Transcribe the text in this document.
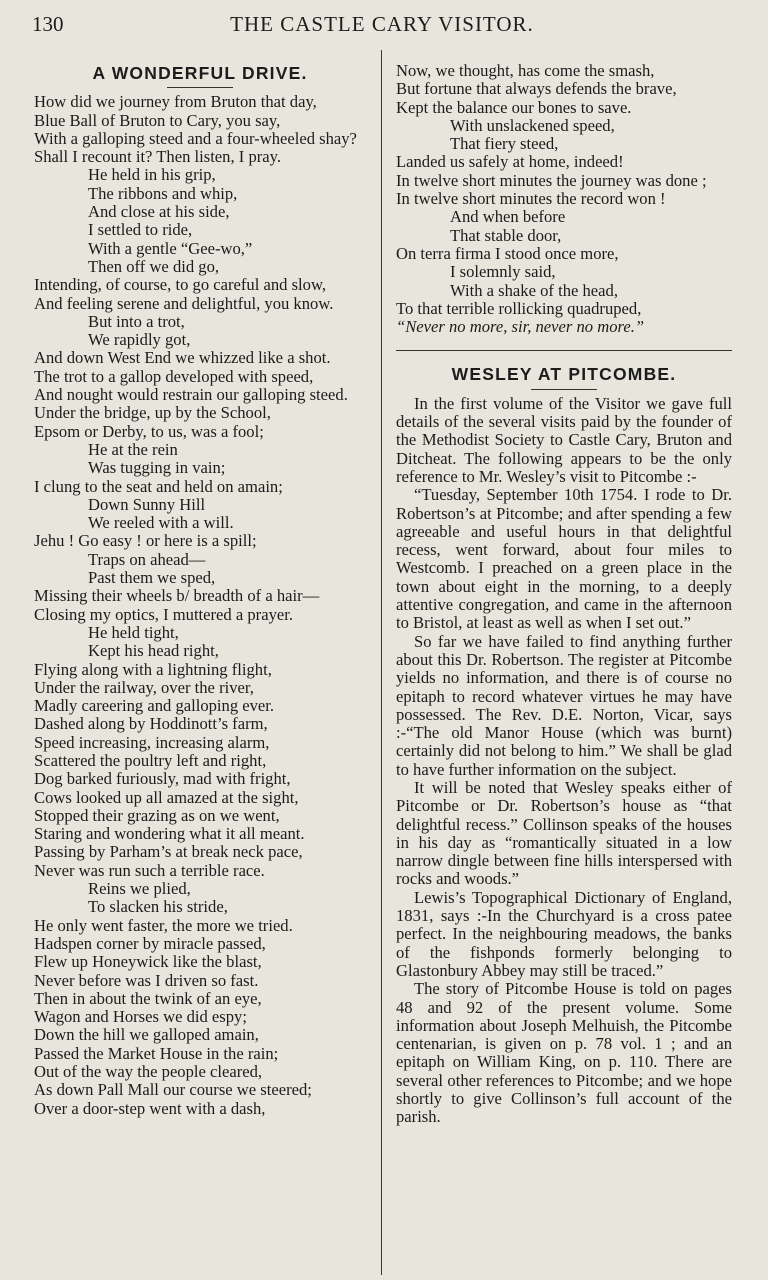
130	THE CASTLE CARY VISITOR.
A WONDERFUL DRIVE.

How did we journey from Bruton that day,

Blue Ball of Bruton to Cary, you say,

With a galloping steed and a four-wheeled shay?

Shall I recount it? Then listen, I pray.

He held in his grip,

The ribbons and whip,

And close at his side,

I settled to ride,

With a gentle “Gee-wo,”

Then off we did go,

Intending, of course, to go careful and slow,

And feeling serene and delightful, you know.

But into a trot,

We rapidly got,

And down West End we whizzed like a shot.

The trot to a gallop developed with speed,

And nought would restrain our galloping steed.

Under the bridge, up by the School,

Epsom or Derby, to us, was a fool;

He at the rein

Was tugging in vain;

I clung to the seat and held on amain;

Down Sunny Hill

We reeled with a will.

Jehu ! Go easy ! or here is a spill;

Traps on ahead—

Past them we sped,

Missing their wheels b/ breadth of a hair—

Closing my optics, I muttered a prayer.

He held tight,

Kept his head right,

Flying along with a lightning flight,

Under the railway, over the river,

Madly careering and galloping ever.

Dashed along by Hoddinott’s farm,

Speed increasing, increasing alarm,

Scattered the poultry left and right,

Dog barked furiously, mad with fright,

Cows looked up all amazed at the sight,

Stopped their grazing as on we went,

Staring and wondering what it all meant.

Passing by Parham’s at break neck pace,

Never was run such a terrible race.

Reins we plied,

To slacken his stride,

He only went faster, the more we tried.

Hadspen corner by miracle passed,

Flew up Honeywick like the blast,

Never before was I driven so fast.

Then in about the twink of an eye,

Wagon and Horses we did espy;

Down the hill we galloped amain,

Passed the Market House in the rain;

Out of the way the people cleared,

As down Pall Mall our course we steered;

Over a door-step went with a dash,

Now, we thought, has come the smash,

But fortune that always defends the brave,

Kept the balance our bones to save.

With unslackened speed,

That fiery steed,

Landed us safely at home, indeed!

In twelve short minutes the journey was done ;

In twelve short minutes the record won !

And when before

That stable door,

On terra firma I stood once more,

I solemnly said,

With a shake of the head,

To that terrible rollicking quadruped,

“Never no more, sir, never no more.”

WESLEY AT PITCOMBE.

In the first volume of the Visitor we gave full details of the several visits paid by the founder of the Methodist Society to Castle Cary, Bruton and Ditcheat. The following appears to be the only reference to Mr. Wesley’s visit to Pitcombe :-

“Tuesday, September 10th 1754. I rode to Dr. Robertson’s at Pitcombe; and after spending a few agreeable and useful hours in that delightful recess, went forward, about four miles to Westcomb. I preached on a green place in the town about eight in the morning, to a deeply attentive congregation, and came in the afternoon to Bristol, at least as well as when I set out.”

So far we have failed to find anything further about this Dr. Robertson. The register at Pitcombe yields no information, and there is of course no epitaph to record whatever virtues he may have possessed. The Rev. D.E. Norton, Vicar, says :-“The old Manor House (which was burnt) certainly did not belong to him.” We shall be glad to have further information on the subject.

It will be noted that Wesley speaks either of Pitcombe or Dr. Robertson’s house as “that delightful recess.” Collinson speaks of the houses in his day as “romantically situated in a low narrow dingle between fine hills interspersed with rocks and woods.”

Lewis’s Topographical Dictionary of England, 1831, says :-In the Churchyard is a cross patee perfect. In the neighbouring meadows, the banks of the fishponds formerly belonging to Glastonbury Abbey may still be traced.”

The story of Pitcombe House is told on pages 48 and 92 of the present volume. Some information about Joseph Melhuish, the Pitcombe centenarian, is given on p. 78 vol. 1 ; and an epitaph on William King, on p. 110. There are several other references to Pitcombe; and we hope shortly to give Collinson’s full account of the parish.
